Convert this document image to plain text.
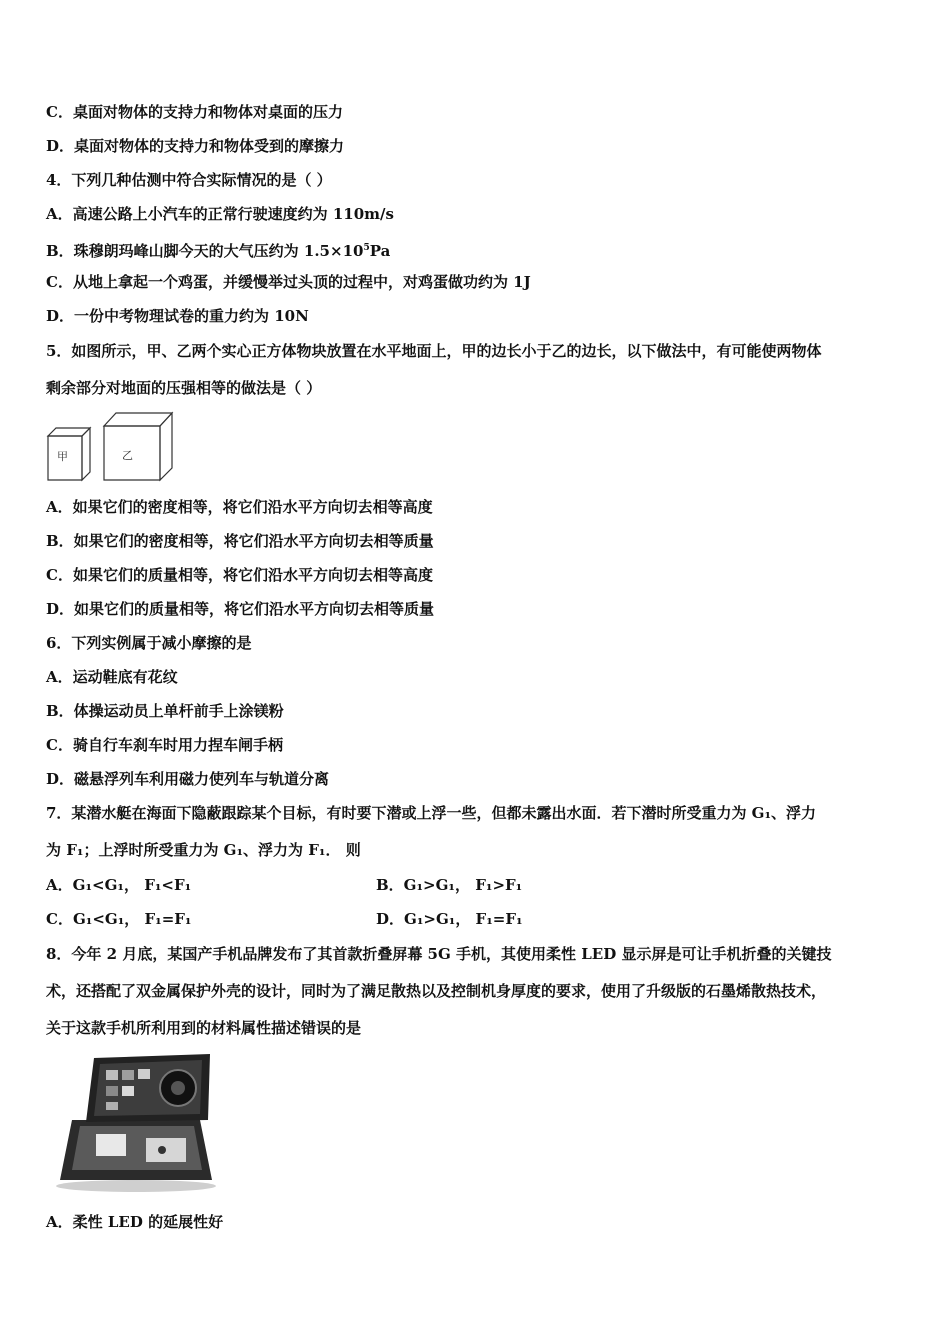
C．桌面对物体的支持力和物体对桌面的压力
D．桌面对物体的支持力和物体受到的摩擦力
4．下列几种估测中符合实际情况的是（ ）
A．高速公路上小汽车的正常行驶速度约为 110m/s
B．珠穆朗玛峰山脚今天的大气压约为 $1.5\times 10^5Pa$
C．从地上拿起一个鸡蛋，并缓慢举过头顶的过程中，对鸡蛋做功约为 1J
D．一份中考物理试卷的重力约为 10N
5．如图所示，甲、乙两个实心正方体物块放置在水平地面上，甲的边长小于乙的边长，以下做法中，有可能使两物体
剩余部分对地面的压强相等的做法是（ ）
甲	乙
A．如果它们的密度相等，将它们沿水平方向切去相等高度
B．如果它们的密度相等，将它们沿水平方向切去相等质量
C．如果它们的质量相等，将它们沿水平方向切去相等高度
D．如果它们的质量相等，将它们沿水平方向切去相等质量
6．下列实例属于减小摩擦的是
A．运动鞋底有花纹
B．体操运动员上单杆前手上涂镁粉
C．骑自行车刹车时用力捏车闸手柄
D．磁悬浮列车利用磁力使列车与轨道分离
7．某潜水艇在海面下隐蔽跟踪某个目标，有时要下潜或上浮一些，但都未露出水面．若下潜时所受重力为 G₁、浮力
为 F₁；上浮时所受重力为 G₁、浮力为 F₁． 则
A．G₁<G₁， F₁<F₁	B．G₁>G₁， F₁>F₁
C．G₁<G₁， F₁=F₁	D．G₁>G₁， F₁=F₁
8．今年 2 月底，某国产手机品牌发布了其首款折叠屏幕 5G 手机，其使用柔性 LED 显示屏是可让手机折叠的关键技
术，还搭配了双金属保护外壳的设计，同时为了满足散热以及控制机身厚度的要求，使用了升级版的石墨烯散热技术，
关于这款手机所利用到的材料属性描述错误的是
A．柔性 LED 的延展性好
